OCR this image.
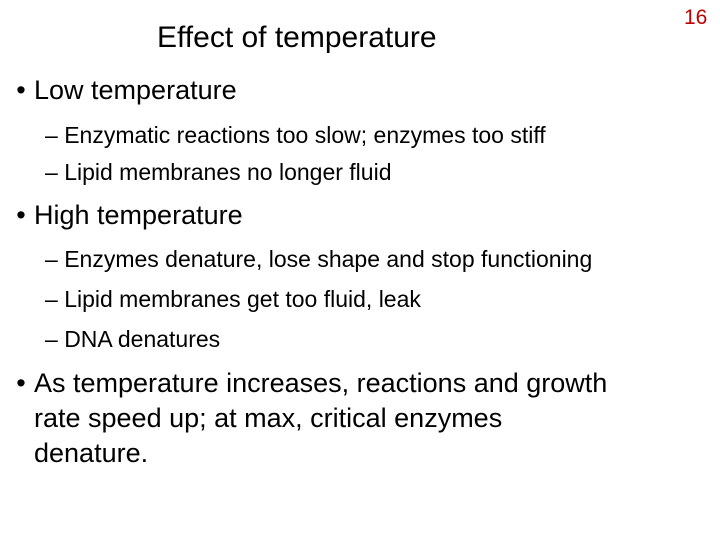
Effect of temperature
16
• Low temperature
– Enzymatic reactions too slow; enzymes too stiff
– Lipid membranes no longer fluid
• High temperature
– Enzymes denature, lose shape and stop functioning
– Lipid membranes get too fluid, leak
– DNA denatures
• As temperature increases, reactions and growth
rate speed up; at max, critical enzymes
denature.
